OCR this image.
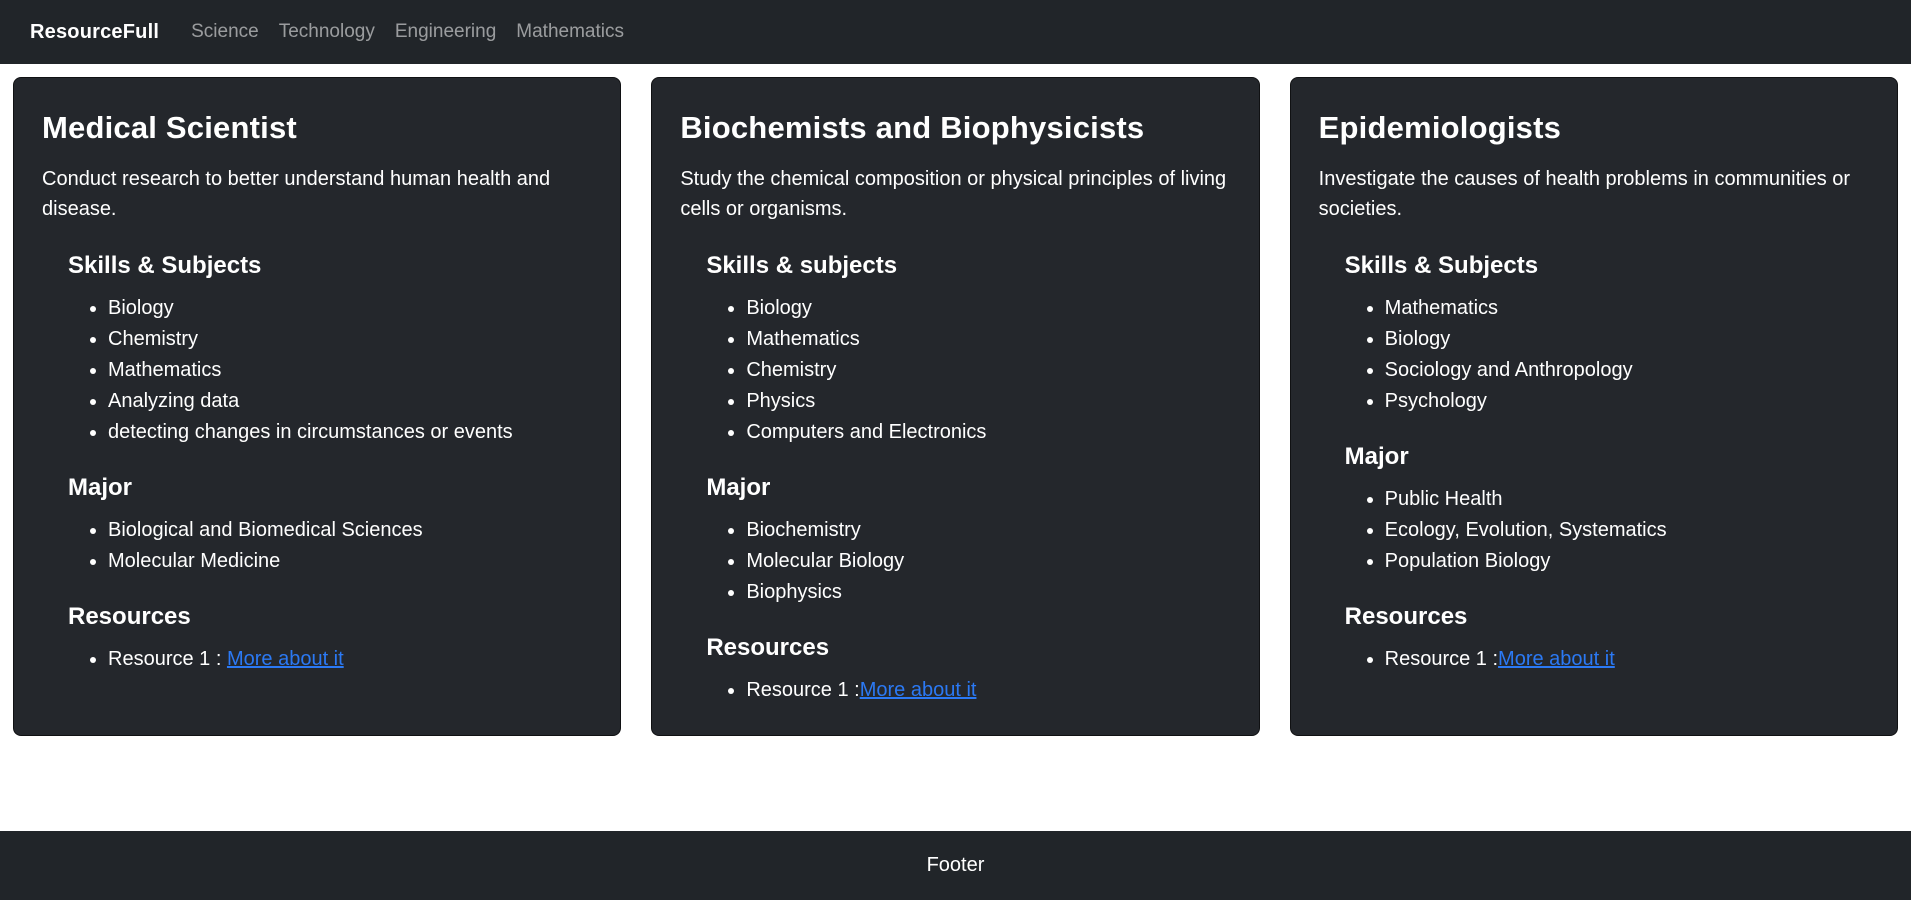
ResourceFull	Science	Technology	Engineering	Mathematics
Medical Scientist

Conduct research to better understand human health and disease.

Skills & Subjects
• Biology
• Chemistry
• Mathematics
• Analyzing data
• detecting changes in circumstances or events
Major
• Biological and Biomedical Sciences
• Molecular Medicine
Resources
• Resource 1 : More about it
Biochemists and Biophysicists

Study the chemical composition or physical principles of living cells or organisms.

Skills & subjects
• Biology
• Mathematics
• Chemistry
• Physics
• Computers and Electronics
Major
• Biochemistry
• Molecular Biology
• Biophysics
Resources
• Resource 1 :More about it
Epidemiologists

Investigate the causes of health problems in communities or societies.

Skills & Subjects
• Mathematics
• Biology
• Sociology and Anthropology
• Psychology
Major
• Public Health
• Ecology, Evolution, Systematics
• Population Biology
Resources
• Resource 1 :More about it
Footer
